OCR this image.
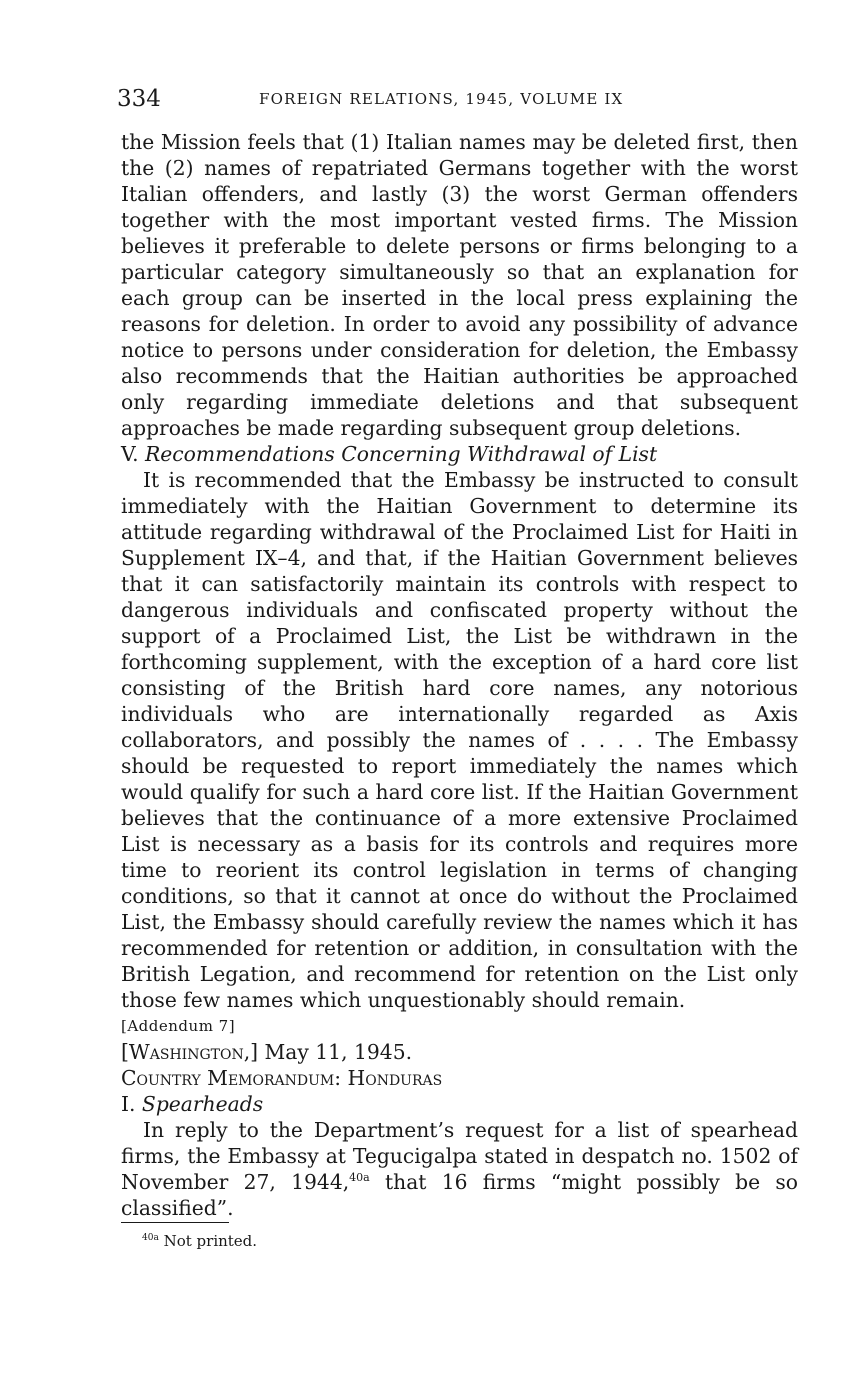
334	FOREIGN RELATIONS, 1945, VOLUME IX

the Mission feels that (1) Italian names may be deleted first, then the (2) names of repatriated Germans together with the worst Italian offenders, and lastly (3) the worst German offenders together with the most important vested firms. The Mission believes it preferable to delete persons or firms belonging to a particular category simultaneously so that an explanation for each group can be inserted in the local press explaining the reasons for deletion. In order to avoid any possibility of advance notice to persons under consideration for deletion, the Embassy also recommends that the Haitian authorities be approached only regarding immediate deletions and that subsequent approaches be made regarding subsequent group deletions.

V. Recommendations Concerning Withdrawal of List

It is recommended that the Embassy be instructed to consult immediately with the Haitian Government to determine its attitude regarding withdrawal of the Proclaimed List for Haiti in Supplement IX–4, and that, if the Haitian Government believes that it can satisfactorily maintain its controls with respect to dangerous individuals and confiscated property without the support of a Proclaimed List, the List be withdrawn in the forthcoming supplement, with the exception of a hard core list consisting of the British hard core names, any notorious individuals who are internationally regarded as Axis collaborators, and possibly the names of . . . . The Embassy should be requested to report immediately the names which would qualify for such a hard core list. If the Haitian Government believes that the continuance of a more extensive Proclaimed List is necessary as a basis for its controls and requires more time to reorient its control legislation in terms of changing conditions, so that it cannot at once do without the Proclaimed List, the Embassy should carefully review the names which it has recommended for retention or addition, in consultation with the British Legation, and recommend for retention on the List only those few names which unquestionably should remain.

[Addendum 7]

[Washington,] May 11, 1945.

Country Memorandum: Honduras

I. Spearheads

In reply to the Department’s request for a list of spearhead firms, the Embassy at Tegucigalpa stated in despatch no. 1502 of November 27, 1944,$^{40a}$ that 16 firms “might possibly be so classified”.

$^{40a}$ Not printed.
